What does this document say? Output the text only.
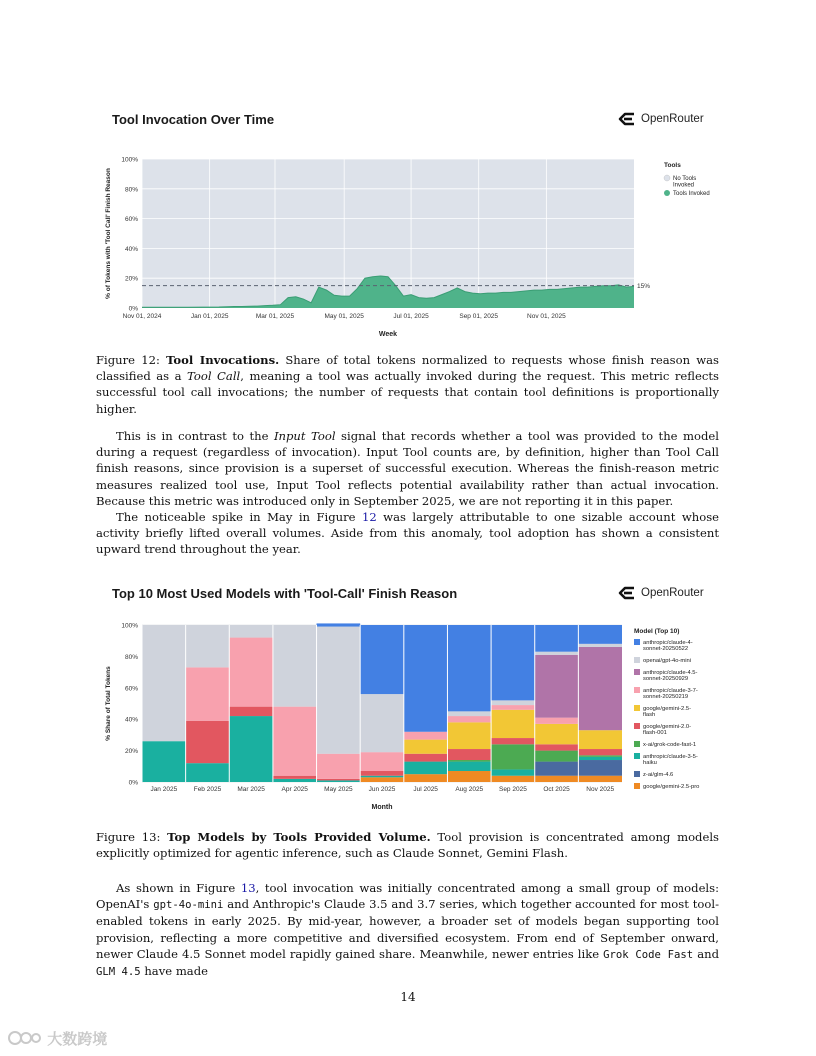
Tool Invocation Over Time	OpenRouter
0%
20%
40%
60%
80%
100%
Nov 01, 2024	Jan 01, 2025	Mar 01, 2025	May 01, 2025	Jul 01, 2025	Sep 01, 2025	Nov 01, 2025
15%
Week
% of Tokens with 'Tool Call' Finish Reason
Tools
No Tools Invoked
Tools Invoked

Figure 12: Tool Invocations. Share of total tokens normalized to requests whose finish reason was classified as a Tool Call, meaning a tool was actually invoked during the request. This metric reflects successful tool call invocations; the number of requests that contain tool definitions is proportionally higher.

This is in contrast to the Input Tool signal that records whether a tool was provided to the model during a request (regardless of invocation). Input Tool counts are, by definition, higher than Tool Call finish reasons, since provision is a superset of successful execution. Whereas the finish-reason metric measures realized tool use, Input Tool reflects potential availability rather than actual invocation. Because this metric was introduced only in September 2025, we are not reporting it in this paper.

The noticeable spike in May in Figure 12 was largely attributable to one sizable account whose activity briefly lifted overall volumes. Aside from this anomaly, tool adoption has shown a consistent upward trend throughout the year.

Top 10 Most Used Models with 'Tool-Call' Finish Reason	OpenRouter
0%
20%
40%
60%
80%
100%
Jan 2025	Feb 2025 Mar 2025	Apr 2025 May 2025 Jun 2025	Jul 2025	Aug 2025 Sep 2025	Oct 2025	Nov 2025
Month
% Share of Total Tokens
Model (Top 10)
anthropic/claude-4-sonnet-20250522
openai/gpt-4o-mini
anthropic/claude-4.5-sonnet-20250929
anthropic/claude-3-7-sonnet-20250219
google/gemini-2.5-flash
google/gemini-2.0-flash-001
x-ai/grok-code-fast-1
anthropic/claude-3-5-haiku
z-ai/glm-4.6
google/gemini-2.5-pro

Figure 13: Top Models by Tools Provided Volume. Tool provision is concentrated among models explicitly optimized for agentic inference, such as Claude Sonnet, Gemini Flash.

As shown in Figure 13, tool invocation was initially concentrated among a small group of models: OpenAI's gpt-4o-mini and Anthropic's Claude 3.5 and 3.7 series, which together accounted for most tool-enabled tokens in early 2025. By mid-year, however, a broader set of models began supporting tool provision, reflecting a more competitive and diversified ecosystem. From end of September onward, newer Claude 4.5 Sonnet model rapidly gained share. Meanwhile, newer entries like Grok Code Fast and GLM 4.5 have made

14
大数跨境
